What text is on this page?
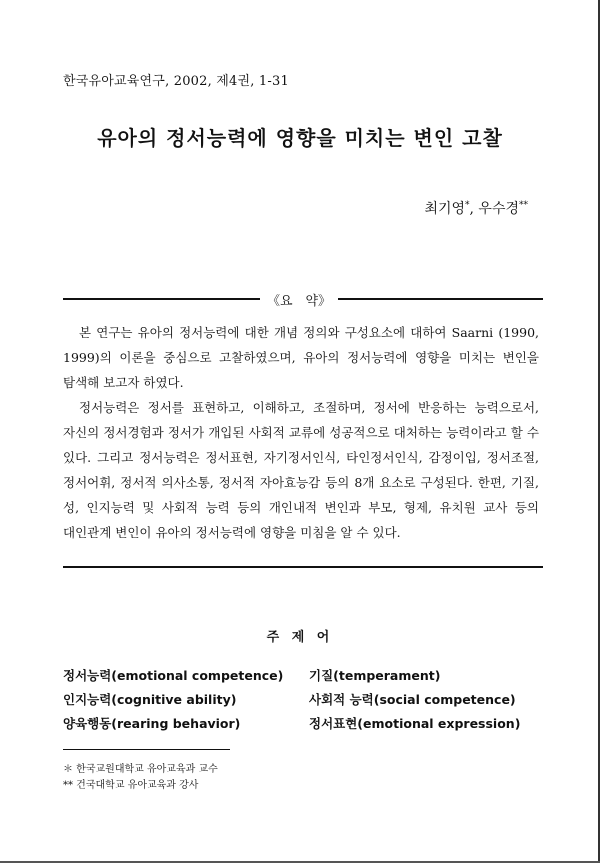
한국유아교육연구, 2002, 제4권, 1-31
유아의 정서능력에 영향을 미치는 변인 고찰
최기영*, 우수경**
《요　약》

본 연구는 유아의 정서능력에 대한 개념 정의와 구성요소에 대하여 Saarni (1990, 1999)의 이론을 중심으로 고찰하였으며, 유아의 정서능력에 영향을 미치는 변인을 탐색해 보고자 하였다.

정서능력은 정서를 표현하고, 이해하고, 조절하며, 정서에 반응하는 능력으로서, 자신의 정서경험과 정서가 개입된 사회적 교류에 성공적으로 대처하는 능력이라고 할 수 있다. 그리고 정서능력은 정서표현, 자기정서인식, 타인정서인식, 감정이입, 정서조절, 정서어휘, 정서적 의사소통, 정서적 자아효능감 등의 8개 요소로 구성된다. 한편, 기질, 성, 인지능력 및 사회적 능력 등의 개인내적 변인과 부모, 형제, 유치원 교사 등의 대인관계 변인이 유아의 정서능력에 영향을 미침을 알 수 있다.

주 제 어
정서능력(emotional competence) 기질(temperament)
인지능력(cognitive ability)	사회적 능력(social competence)
양육행동(rearing behavior)	정서표현(emotional expression)
＊ 한국교원대학교 유아교육과 교수
** 건국대학교 유아교육과 강사
